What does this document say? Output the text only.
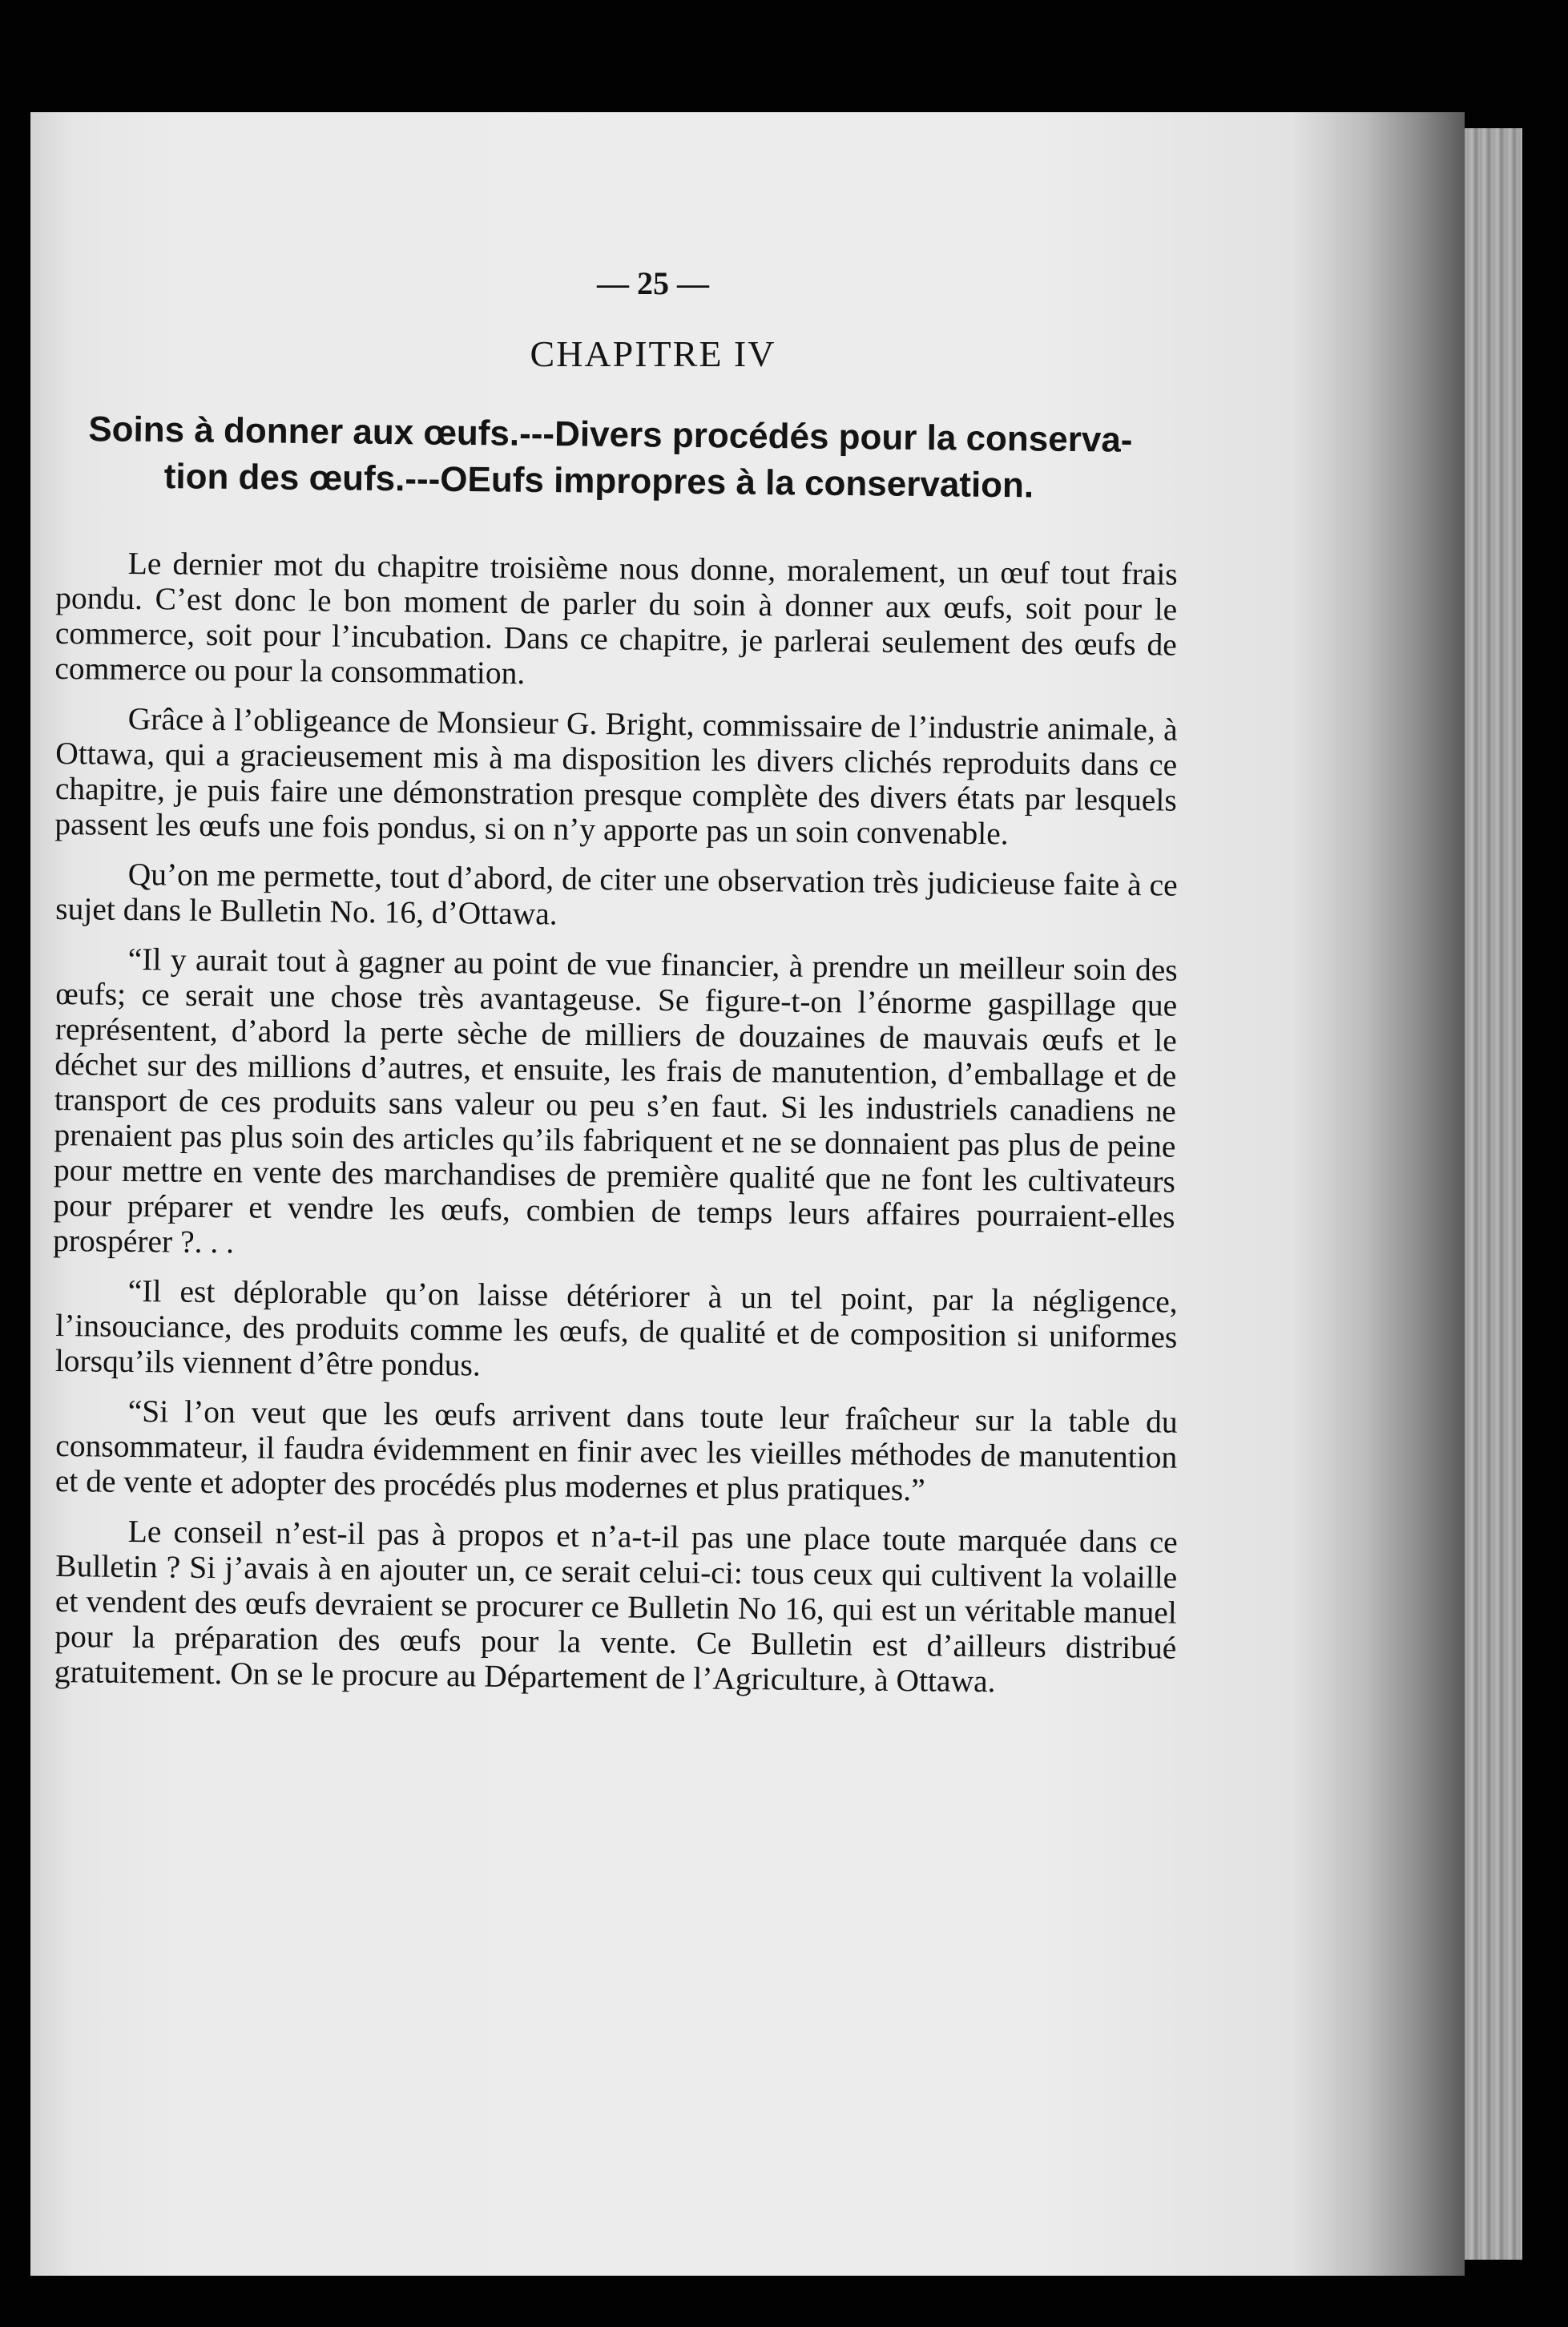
— 25 —
CHAPITRE IV
Soins à donner aux œufs.---Divers procédés pour la conserva-
tion des œufs.---OEufs impropres à la conservation.

Le dernier mot du chapitre troisième nous donne, moralement, un œuf tout frais pondu. C’est donc le bon moment de parler du soin à donner aux œufs, soit pour le commerce, soit pour l’incubation. Dans ce chapitre, je parlerai seulement des œufs de commerce ou pour la consommation.

Grâce à l’obligeance de Monsieur G. Bright, commissaire de l’industrie animale, à Ottawa, qui a gracieusement mis à ma disposition les divers clichés reproduits dans ce chapitre, je puis faire une démonstration presque complète des divers états par lesquels passent les œufs une fois pondus, si on n’y apporte pas un soin convenable.

Qu’on me permette, tout d’abord, de citer une observation très judicieuse faite à ce sujet dans le Bulletin No. 16, d’Ottawa.

“Il y aurait tout à gagner au point de vue financier, à prendre un meilleur soin des œufs; ce serait une chose très avantageuse. Se figure-t-on l’énorme gaspillage que représentent, d’abord la perte sèche de milliers de douzaines de mauvais œufs et le déchet sur des millions d’autres, et ensuite, les frais de manutention, d’emballage et de transport de ces produits sans valeur ou peu s’en faut. Si les industriels canadiens ne prenaient pas plus soin des articles qu’ils fabriquent et ne se donnaient pas plus de peine pour mettre en vente des marchandises de première qualité que ne font les cultivateurs pour préparer et vendre les œufs, combien de temps leurs affaires pourraient-elles prospérer ?. . .

“Il est déplorable qu’on laisse détériorer à un tel point, par la négligence, l’insouciance, des produits comme les œufs, de qualité et de composition si uniformes lorsqu’ils viennent d’être pondus.

“Si l’on veut que les œufs arrivent dans toute leur fraîcheur sur la table du consommateur, il faudra évidemment en finir avec les vieilles méthodes de manutention et de vente et adopter des procédés plus modernes et plus pratiques.”

Le conseil n’est-il pas à propos et n’a-t-il pas une place toute marquée dans ce Bulletin ? Si j’avais à en ajouter un, ce serait celui-ci: tous ceux qui cultivent la volaille et vendent des œufs devraient se procurer ce Bulletin No 16, qui est un véritable manuel pour la préparation des œufs pour la vente. Ce Bulletin est d’ailleurs distribué gratuitement. On se le procure au Département de l’Agriculture, à Ottawa.
